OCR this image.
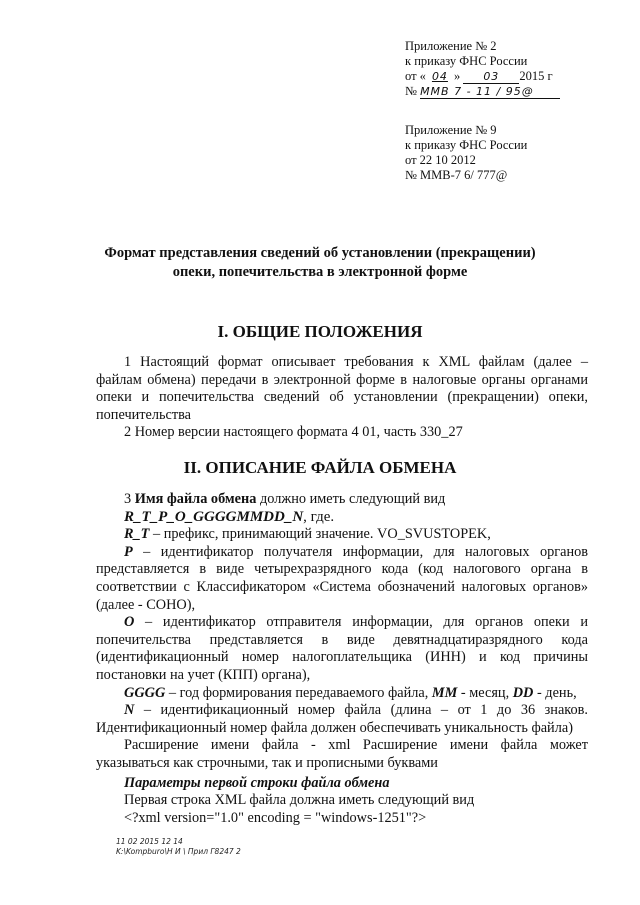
Приложение № 2
к приказу ФНС России
от « 04 » 03 2015 г
№ ММВ 7 - 11 / 95@
Приложение № 9
к приказу ФНС России
от 22 10 2012
№ ММВ-7 6/ 777@
Формат представления сведений об установлении (прекращении)
опеки, попечительства в электронной форме
I. ОБЩИЕ ПОЛОЖЕНИЯ

1 Настоящий формат описывает требования к XML файлам (далее – файлам обмена) передачи в электронной форме в налоговые органы органами опеки и попечительства сведений об установлении (прекращении) опеки, попечительства

2 Номер версии настоящего формата 4 01, часть 330_27

II. ОПИСАНИЕ ФАЙЛА ОБМЕНА

3 Имя файла обмена должно иметь следующий вид

R_T_P_O_GGGGMMDD_N, где.

R_T – префикс, принимающий значение. VO_SVUSTOPEK,

P – идентификатор получателя информации, для налоговых органов представляется в виде четырехразрядного кода (код налогового органа в соответствии с Классификатором «Система обозначений налоговых органов» (далее - СОНО),

O – идентификатор отправителя информации, для органов опеки и попечительства представляется в виде девятнадцатиразрядного кода (идентификационный номер налогоплательщика (ИНН) и код причины постановки на учет (КПП) органа),

GGGG – год формирования передаваемого файла, MM - месяц, DD - день,

N – идентификационный номер файла (длина – от 1 до 36 знаков. Идентификационный номер файла должен обеспечивать уникальность файла)

Расширение имени файла - xml Расширение имени файла может указываться как строчными, так и прописными буквами

Параметры первой строки файла обмена

Первая строка XML файла должна иметь следующий вид

<?xml version="1.0" encoding = "windows-1251"?>

11 02 2015 12 14
K:\Kompburo\Н И \ Прил Г8247 2
